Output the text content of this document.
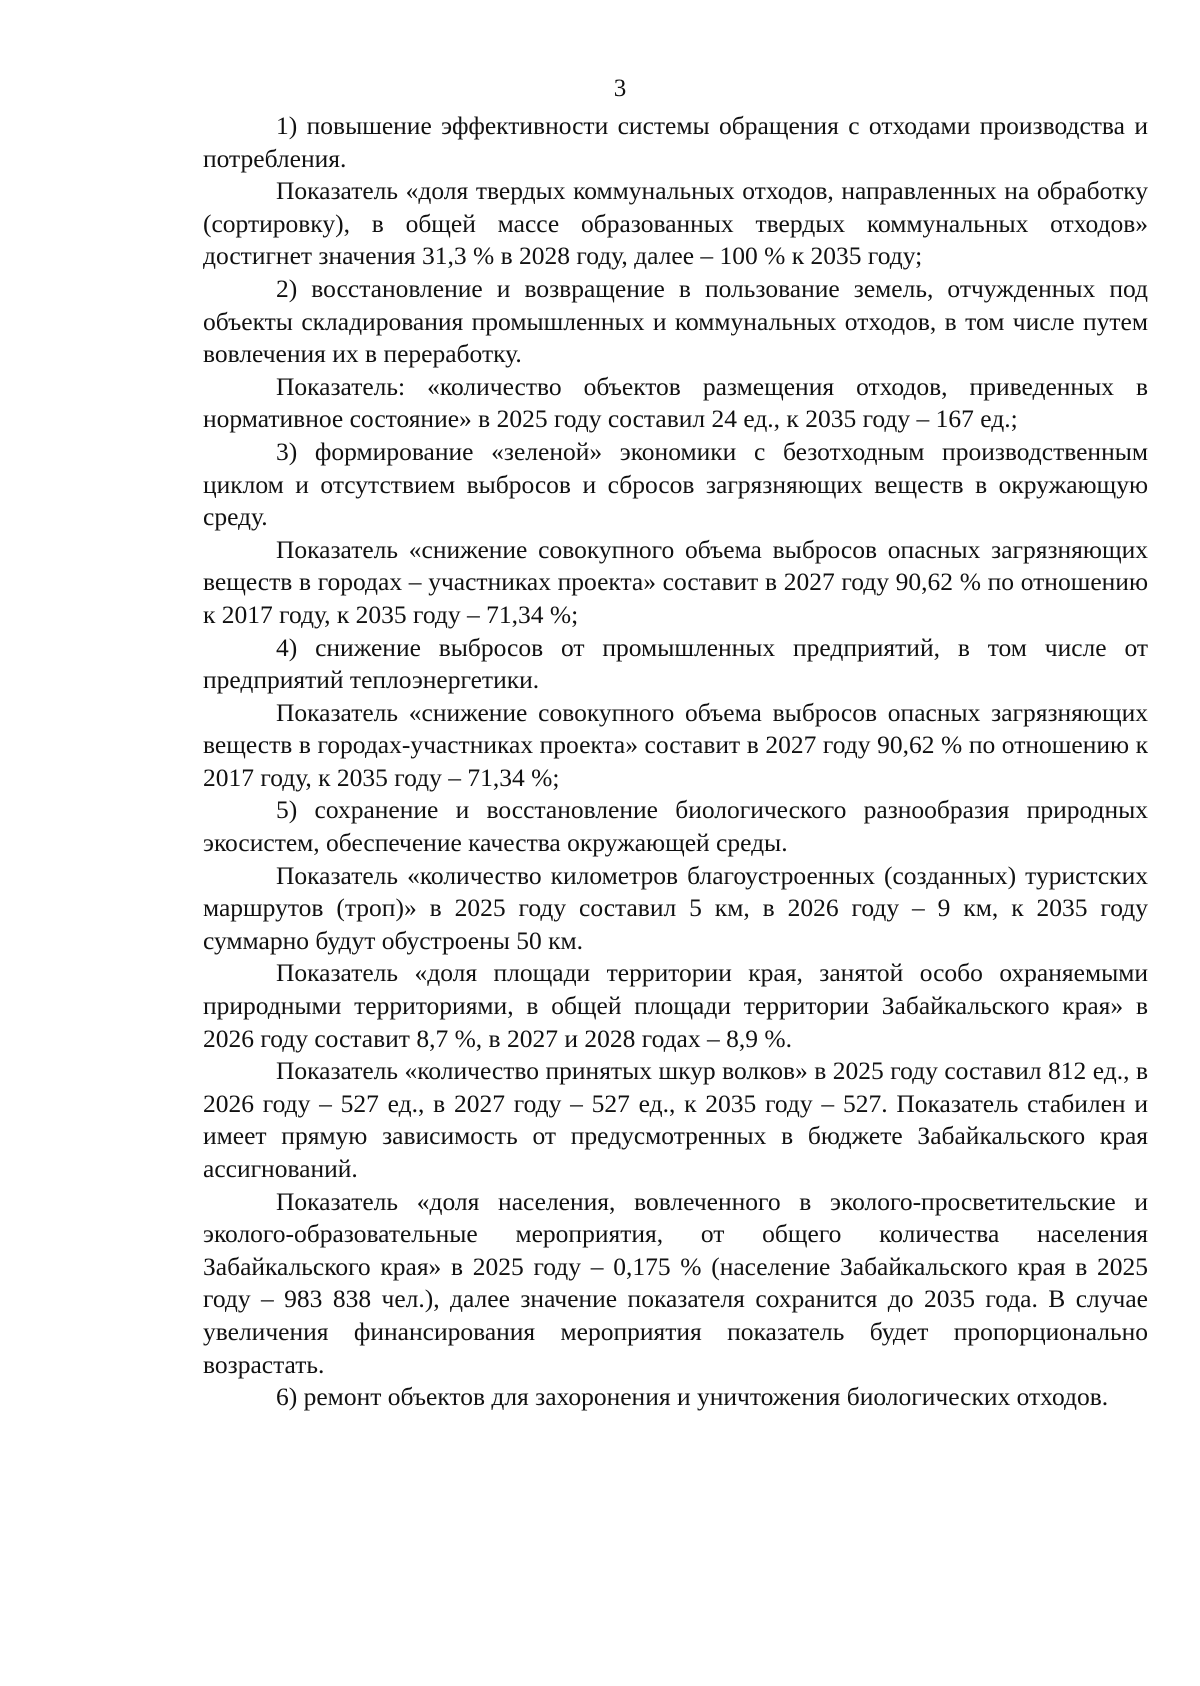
3

1) повышение эффективности системы обращения с отходами производства и потребления.

Показатель «доля твердых коммунальных отходов, направленных на обработку (сортировку), в общей массе образованных твердых коммунальных отходов» достигнет значения 31,3 % в 2028 году, далее – 100 % к 2035 году;

2) восстановление и возвращение в пользование земель, отчужденных под объекты складирования промышленных и коммунальных отходов, в том числе путем вовлечения их в переработку.

Показатель: «количество объектов размещения отходов, приведенных в нормативное состояние» в 2025 году составил 24 ед., к 2035 году – 167 ед.;

3) формирование «зеленой» экономики с безотходным производственным циклом и отсутствием выбросов и сбросов загрязняющих веществ в окружающую среду.

Показатель «снижение совокупного объема выбросов опасных загрязняющих веществ в городах – участниках проекта» составит в 2027 году 90,62 % по отношению к 2017 году, к 2035 году – 71,34 %;

4) снижение выбросов от промышленных предприятий, в том числе от предприятий теплоэнергетики.

Показатель «снижение совокупного объема выбросов опасных загрязняющих веществ в городах-участниках проекта» составит в 2027 году 90,62 % по отношению к 2017 году, к 2035 году – 71,34 %;

5) сохранение и восстановление биологического разнообразия природных экосистем, обеспечение качества окружающей среды.

Показатель «количество километров благоустроенных (созданных) туристских маршрутов (троп)» в 2025 году составил 5 км, в 2026 году – 9 км, к 2035 году суммарно будут обустроены 50 км.

Показатель «доля площади территории края, занятой особо охраняемыми природными территориями, в общей площади территории Забайкальского края» в 2026 году составит 8,7 %, в 2027 и 2028 годах – 8,9 %.

Показатель «количество принятых шкур волков» в 2025 году составил 812 ед., в 2026 году – 527 ед., в 2027 году – 527 ед., к 2035 году – 527. Показатель стабилен и имеет прямую зависимость от предусмотренных в бюджете Забайкальского края ассигнований.

Показатель «доля населения, вовлеченного в эколого-просветительские и эколого-образовательные мероприятия, от общего количества населения Забайкальского края» в 2025 году – 0,175 % (население Забайкальского края в 2025 году – 983 838 чел.), далее значение показателя сохранится до 2035 года. В случае увеличения финансирования мероприятия показатель будет пропорционально возрастать.

6) ремонт объектов для захоронения и уничтожения биологических отходов.
